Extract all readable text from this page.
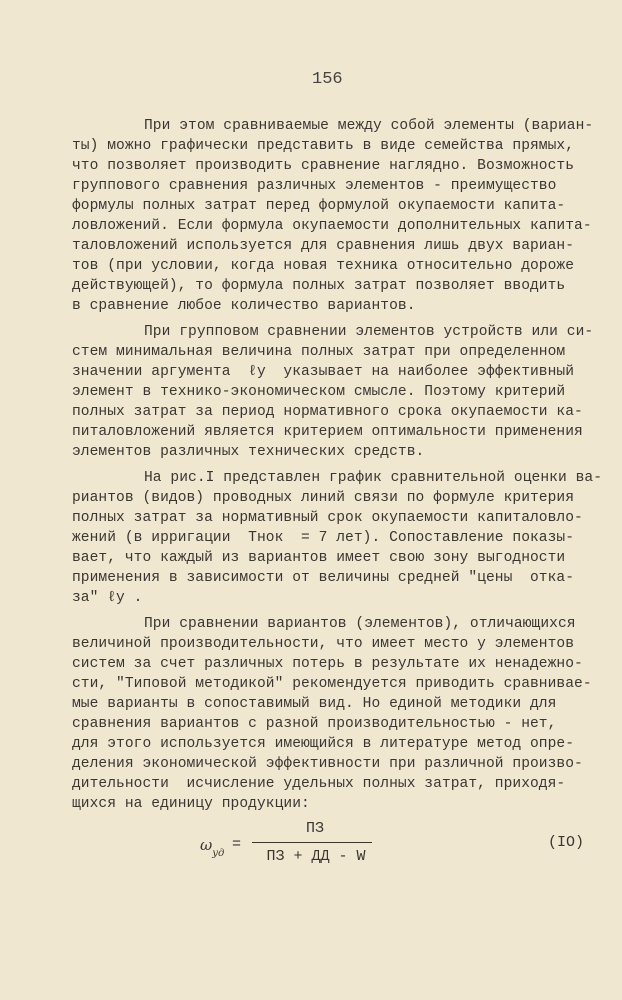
156
При этом сравниваемые между собой элементы (вариан-
ты) можно графически представить в виде семейства прямых,
что позволяет производить сравнение наглядно. Возможность
группового сравнения различных элементов - преимущество
формулы полных затрат перед формулой окупаемости капита-
ловложений. Если формула окупаемости дополнительных капита-
таловложений используется для сравнения лишь двух вариан-
тов (при условии, когда новая техника относительно дороже
действующей), то формула полных затрат позволяет вводить
в сравнение любое количество вариантов.
При групповом сравнении элементов устройств или си-
стем минимальная величина полных затрат при определенном
значении аргумента  ℓу  указывает на наиболее эффективный
элемент в технико-экономическом смысле. Поэтому критерий
полных затрат за период нормативного срока окупаемости ка-
питаловложений является критерием оптимальности применения
элементов различных технических средств.
На рис.I представлен график сравнительной оценки ва-
риантов (видов) проводных линий связи по формуле критерия
полных затрат за нормативный срок окупаемости капиталовло-
жений (в ирригации  Тнок  = 7 лет). Сопоставление показы-
вает, что каждый из вариантов имеет свою зону выгодности
применения в зависимости от величины средней "цены  отка-
за" ℓу .
При сравнении вариантов (элементов), отличающихся
величиной производительности, что имеет место у элементов
систем за счет различных потерь в результате их ненадежно-
сти, "Типовой методикой" рекомендуется приводить сравнивае-
мые варианты в сопоставимый вид. Но единой методики для
сравнения вариантов с разной производительностью - нет,
для этого используется имеющийся в литературе метод опре-
деления экономической эффективности при различной произво-
дительности  исчисление удельных полных затрат, приходя-
щихся на единицу продукции:
$\omega_{уд}$
=
ПЗ
ПЗ + ДД - W
(IO)
